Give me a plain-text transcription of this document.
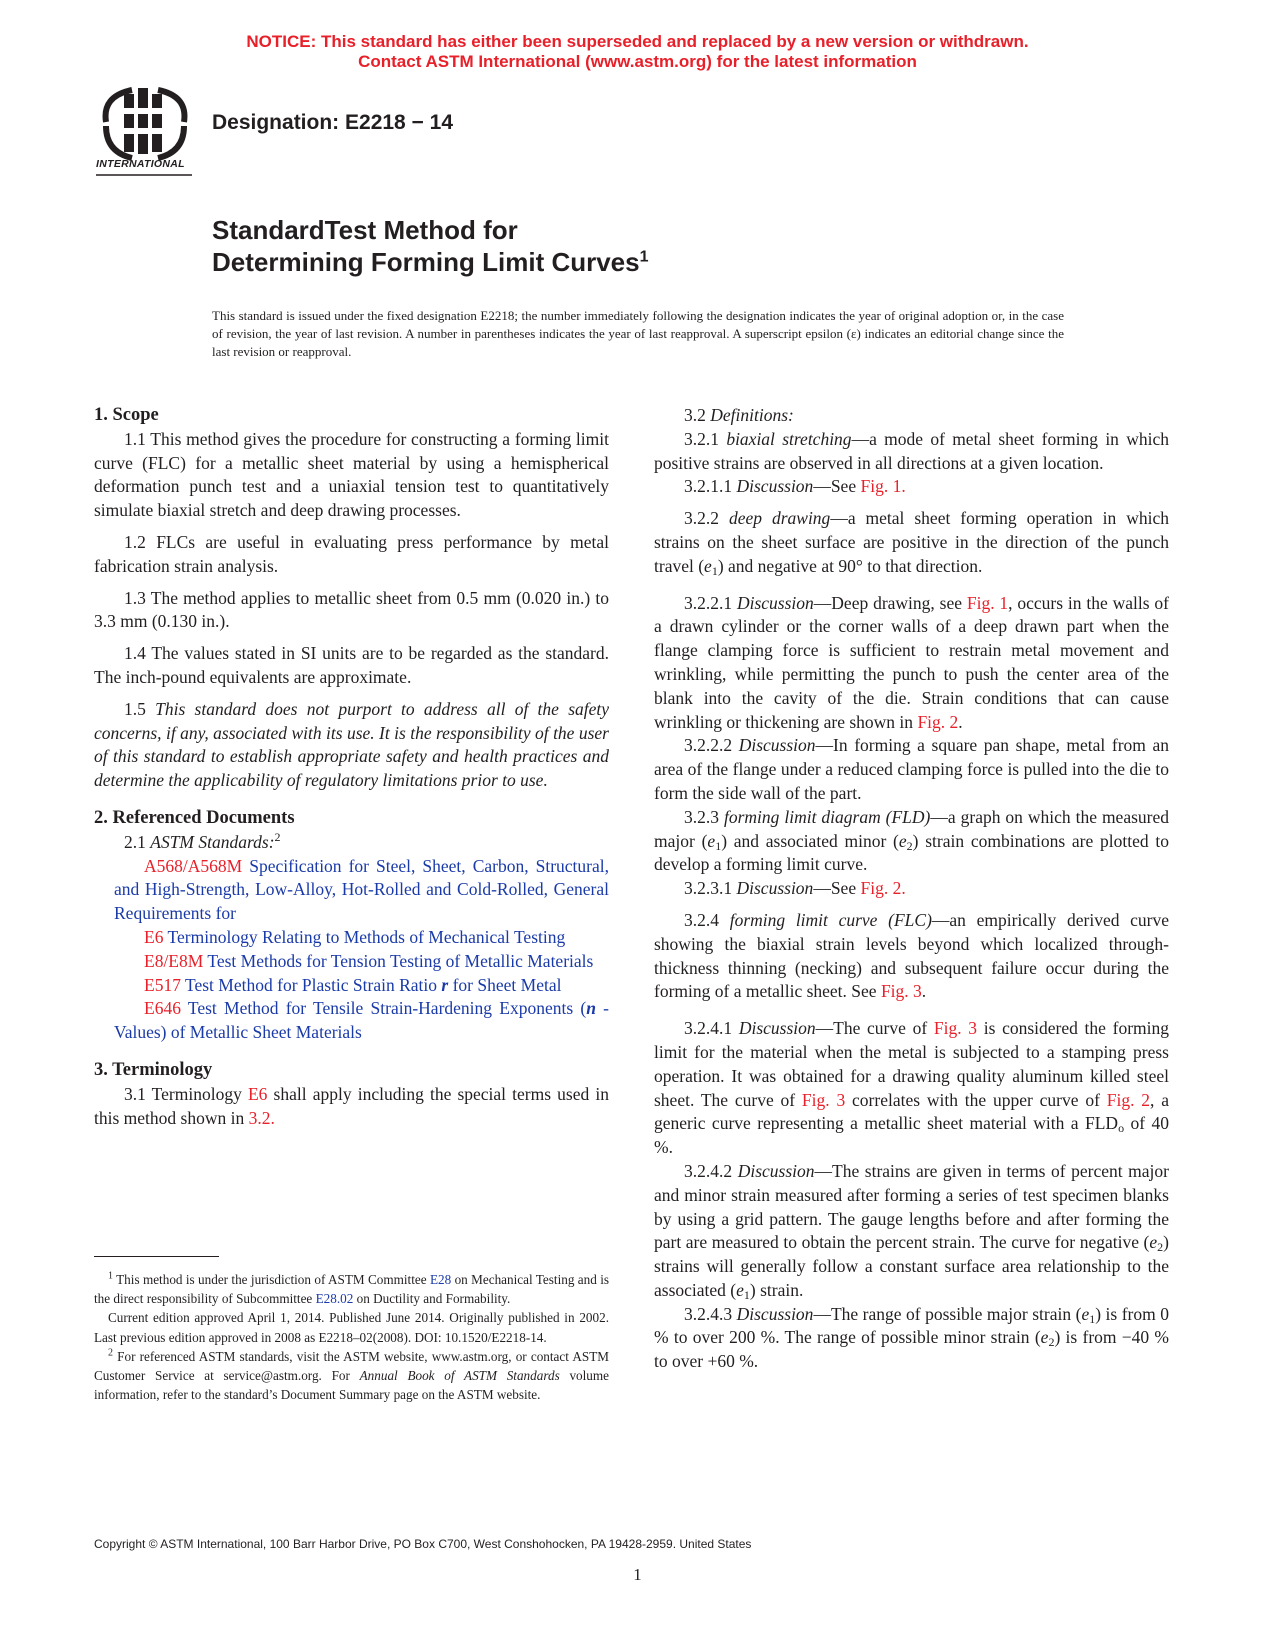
NOTICE: This standard has either been superseded and replaced by a new version or withdrawn.
Contact ASTM International (www.astm.org) for the latest information
INTERNATIONAL
Designation: E2218 − 14
StandardTest Method for
Determining Forming Limit Curves$^1$
This standard is issued under the fixed designation E2218; the number immediately following the designation indicates the year of original adoption or, in the case of revision, the year of last revision. A number in parentheses indicates the year of last reapproval. A superscript epsilon (ε) indicates an editorial change since the last revision or reapproval.

1. Scope

1.1 This method gives the procedure for constructing a forming limit curve (FLC) for a metallic sheet material by using a hemispherical deformation punch test and a uniaxial tension test to quantitatively simulate biaxial stretch and deep drawing processes.

1.2 FLCs are useful in evaluating press performance by metal fabrication strain analysis.

1.3 The method applies to metallic sheet from 0.5 mm (0.020 in.) to 3.3 mm (0.130 in.).

1.4 The values stated in SI units are to be regarded as the standard. The inch-pound equivalents are approximate.

1.5 This standard does not purport to address all of the safety concerns, if any, associated with its use. It is the responsibility of the user of this standard to establish appropriate safety and health practices and determine the applicability of regulatory limitations prior to use.

2. Referenced Documents

2.1 ASTM Standards:$^2$

A568/A568M Specification for Steel, Sheet, Carbon, Structural, and High-Strength, Low-Alloy, Hot-Rolled and Cold-Rolled, General Requirements for

E6 Terminology Relating to Methods of Mechanical Testing

E8/E8M Test Methods for Tension Testing of Metallic Materials

E517 Test Method for Plastic Strain Ratio r for Sheet Metal

E646 Test Method for Tensile Strain-Hardening Exponents (n -Values) of Metallic Sheet Materials

3. Terminology

3.1 Terminology E6 shall apply including the special terms used in this method shown in 3.2.

$^1$ This method is under the jurisdiction of ASTM Committee E28 on Mechanical Testing and is the direct responsibility of Subcommittee E28.02 on Ductility and Formability.

Current edition approved April 1, 2014. Published June 2014. Originally published in 2002. Last previous edition approved in 2008 as E2218–02(2008). DOI: 10.1520/E2218-14.

$^2$ For referenced ASTM standards, visit the ASTM website, www.astm.org, or contact ASTM Customer Service at service@astm.org. For Annual Book of ASTM Standards volume information, refer to the standard’s Document Summary page on the ASTM website.

3.2 Definitions:

3.2.1 biaxial stretching—a mode of metal sheet forming in which positive strains are observed in all directions at a given location.

3.2.1.1 Discussion—See Fig. 1.

3.2.2 deep drawing—a metal sheet forming operation in which strains on the sheet surface are positive in the direction of the punch travel $(e_1)$ and negative at 90° to that direction.

3.2.2.1 Discussion—Deep drawing, see Fig. 1, occurs in the walls of a drawn cylinder or the corner walls of a deep drawn part when the flange clamping force is sufficient to restrain metal movement and wrinkling, while permitting the punch to push the center area of the blank into the cavity of the die. Strain conditions that can cause wrinkling or thickening are shown in Fig. 2.

3.2.2.2 Discussion—In forming a square pan shape, metal from an area of the flange under a reduced clamping force is pulled into the die to form the side wall of the part.

3.2.3 forming limit diagram (FLD)—a graph on which the measured major $(e_1)$ and associated minor $(e_2)$ strain combinations are plotted to develop a forming limit curve.

3.2.3.1 Discussion—See Fig. 2.

3.2.4 forming limit curve (FLC)—an empirically derived curve showing the biaxial strain levels beyond which localized through-thickness thinning (necking) and subsequent failure occur during the forming of a metallic sheet. See Fig. 3.

3.2.4.1 Discussion—The curve of Fig. 3 is considered the forming limit for the material when the metal is subjected to a stamping press operation. It was obtained for a drawing quality aluminum killed steel sheet. The curve of Fig. 3 correlates with the upper curve of Fig. 2, a generic curve representing a metallic sheet material with a $FLD_o$ of 40 %.

3.2.4.2 Discussion—The strains are given in terms of percent major and minor strain measured after forming a series of test specimen blanks by using a grid pattern. The gauge lengths before and after forming the part are measured to obtain the percent strain. The curve for negative $(e_2)$ strains will generally follow a constant surface area relationship to the associated $(e_1)$ strain.

3.2.4.3 Discussion—The range of possible major strain $(e_1)$ is from 0 % to over 200 %. The range of possible minor strain $(e_2)$ is from −40 % to over +60 %.

Copyright © ASTM International, 100 Barr Harbor Drive, PO Box C700, West Conshohocken, PA 19428-2959. United States
1
